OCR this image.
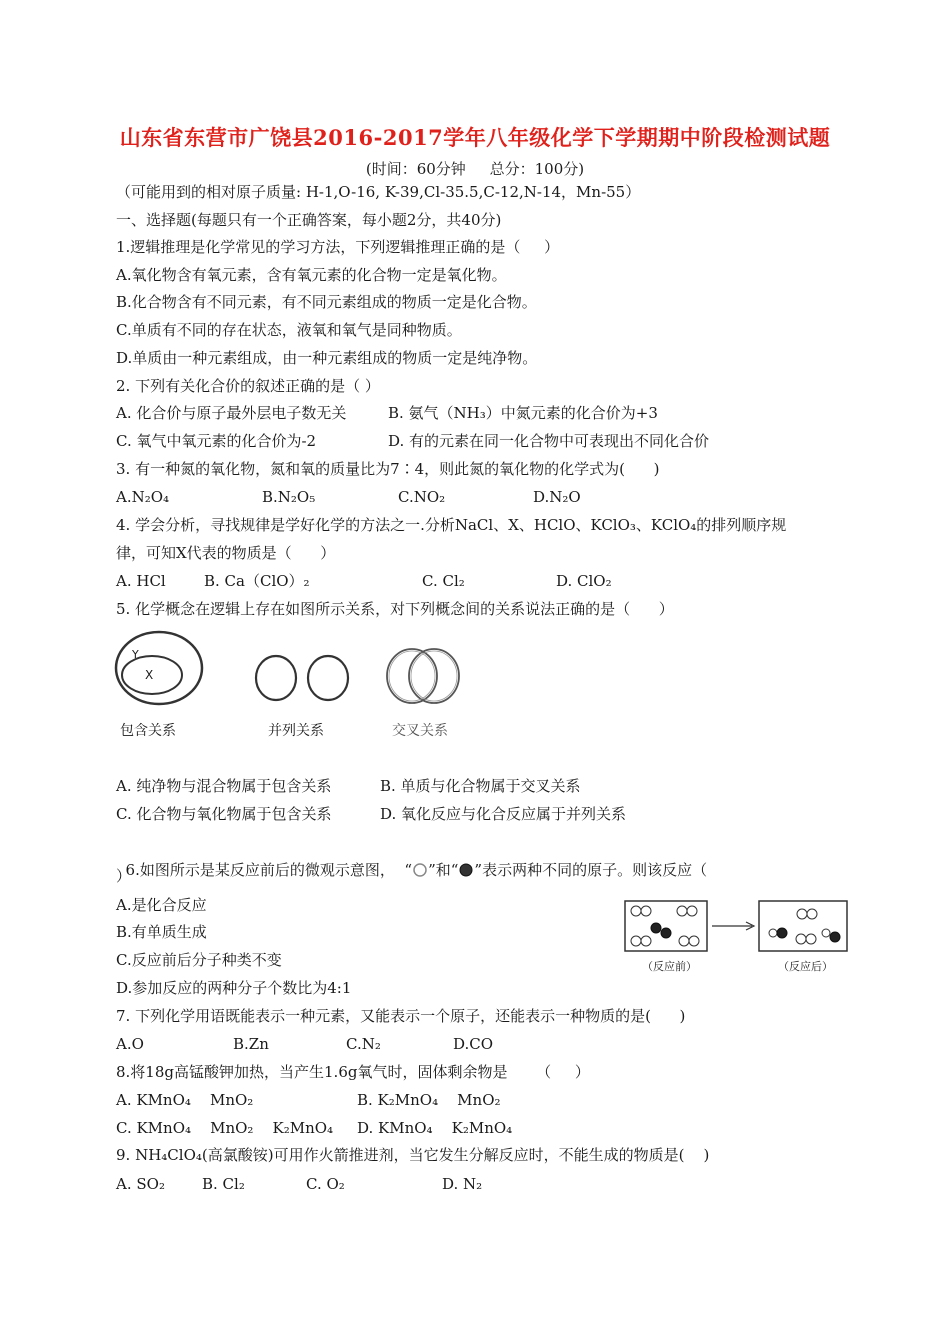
山东省东营市广饶县2016-2017学年八年级化学下学期期中阶段检测试题
(时间：60分钟     总分：100分)
（可能用到的相对原子质量: H-1,O-16, K-39,Cl-35.5,C-12,N-14，Mn-55）
一、选择题(每题只有一个正确答案，每小题2分，共40分)
1.逻辑推理是化学常见的学习方法，下列逻辑推理正确的是（     ）
A.氧化物含有氧元素，含有氧元素的化合物一定是氧化物。
B.化合物含有不同元素，有不同元素组成的物质一定是化合物。
C.单质有不同的存在状态，液氧和氧气是同种物质。
D.单质由一种元素组成，由一种元素组成的物质一定是纯净物。
2. 下列有关化合价的叙述正确的是（ ）
A. 化合价与原子最外层电子数无关	B. 氨气（NH₃）中氮元素的化合价为+3
C. 氧气中氧元素的化合价为-2	D. 有的元素在同一化合物中可表现出不同化合价
3. 有一种氮的氧化物，氮和氧的质量比为7∶4，则此氮的氧化物的化学式为(      )
A.N₂O₄	B.N₂O₅	C.NO₂	D.N₂O
4. 学会分析，寻找规律是学好化学的方法之一.分析NaCl、X、HClO、KClO₃、KClO₄的排列顺序规
律，可知X代表的物质是（      ）
A. HCl	B. Ca（ClO）₂	C. Cl₂	D. ClO₂
5. 化学概念在逻辑上存在如图所示关系，对下列概念间的关系说法正确的是（      ）
Y
X
包含关系	并列关系	交叉关系
A. 纯净物与混合物属于包含关系	B. 单质与化合物属于交叉关系
C. 化合物与氧化物属于包含关系	D. 氧化反应与化合反应属于并列关系

6.如图所示是某反应前后的微观示意图，  “ ”和“ ”表示两种不同的原子。则该反应（

）
A.是化合反应
B.有单质生成
C.反应前后分子种类不变
D.参加反应的两种分子个数比为4:1
（反应前）	（反应后）
7. 下列化学用语既能表示一种元素，又能表示一个原子，还能表示一种物质的是(      )
A.O	B.Zn	C.N₂	D.CO
8.将18g高锰酸钾加热，当产生1.6g氧气时，固体剩余物是      （     ）
A. KMnO₄    MnO₂	B. K₂MnO₄    MnO₂
C. KMnO₄    MnO₂    K₂MnO₄ D. KMnO₄    K₂MnO₄
9. NH₄ClO₄(高氯酸铵)可用作火箭推进剂，当它发生分解反应时，不能生成的物质是(    )
A. SO₂ B. Cl₂	C. O₂	D. N₂
